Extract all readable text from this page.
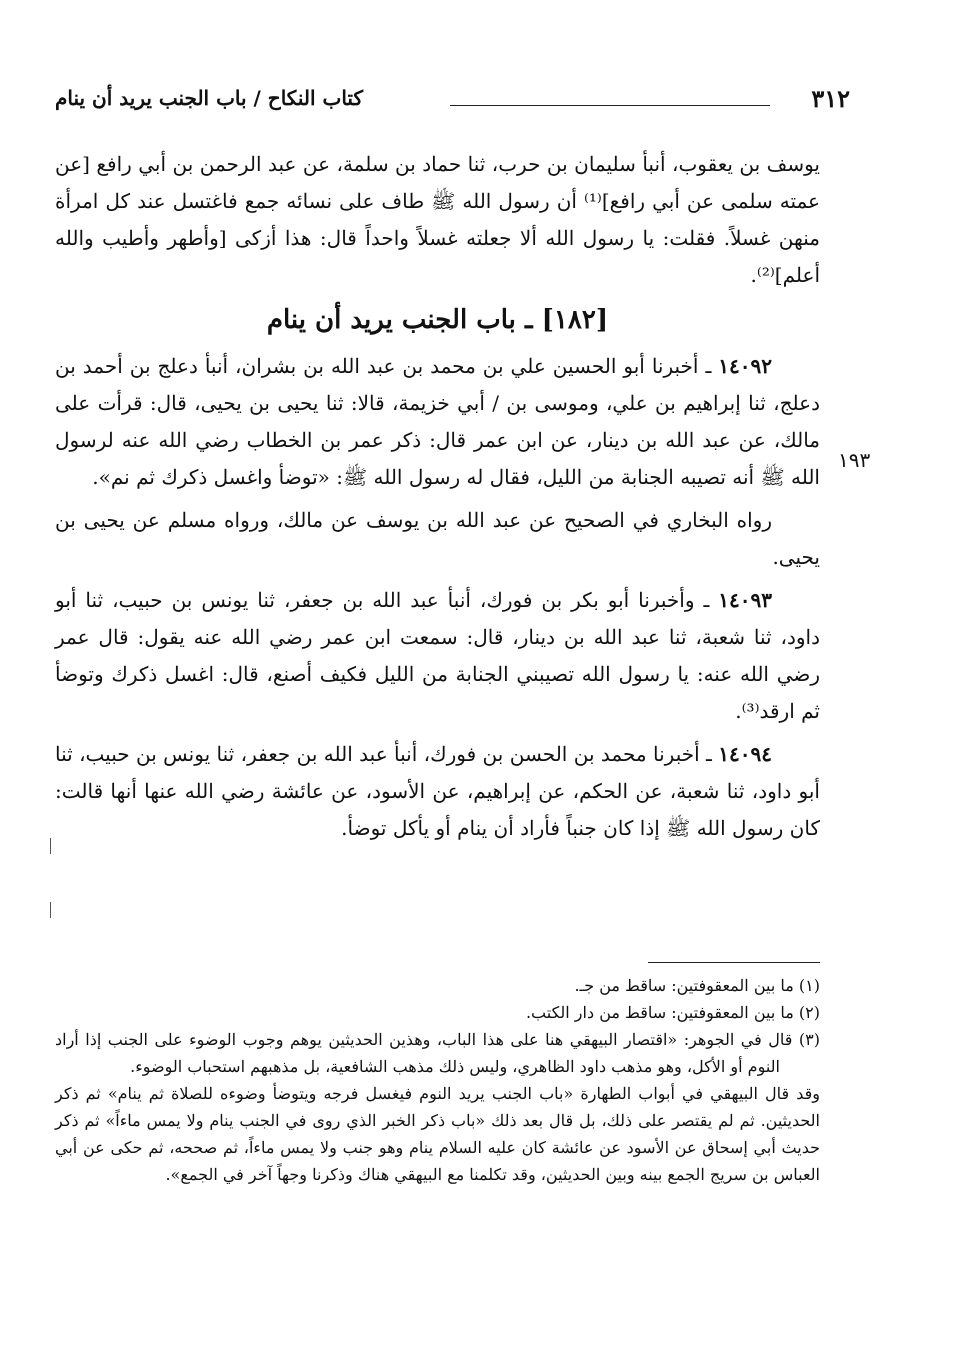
٣١٢
كتاب النكاح / باب الجنب يريد أن ينام
١٩٣

يوسف بن يعقوب، أنبأ سليمان بن حرب، ثنا حماد بن سلمة، عن عبد الرحمن بن أبي رافع [عن عمته سلمى عن أبي رافع]⁽¹⁾ أن رسول الله ﷺ طاف على نسائه جمع فاغتسل عند كل امرأة منهن غسلاً. فقلت: يا رسول الله ألا جعلته غسلاً واحداً قال: هذا أزكى [وأطهر وأطيب والله أعلم]⁽²⁾.

[١٨٢] ـ باب الجنب يريد أن ينام

١٤٠٩٢ ـ أخبرنا أبو الحسين علي بن محمد بن عبد الله بن بشران، أنبأ دعلج بن أحمد بن دعلج، ثنا إبراهيم بن علي، وموسى بن / أبي خزيمة، قالا: ثنا يحيى بن يحيى، قال: قرأت على مالك، عن عبد الله بن دينار، عن ابن عمر قال: ذكر عمر بن الخطاب رضي الله عنه لرسول الله ﷺ أنه تصيبه الجنابة من الليل، فقال له رسول الله ﷺ: «توضأ واغسل ذكرك ثم نم».

رواه البخاري في الصحيح عن عبد الله بن يوسف عن مالك، ورواه مسلم عن يحيى بن يحيى.

١٤٠٩٣ ـ وأخبرنا أبو بكر بن فورك، أنبأ عبد الله بن جعفر، ثنا يونس بن حبيب، ثنا أبو داود، ثنا شعبة، ثنا عبد الله بن دينار، قال: سمعت ابن عمر رضي الله عنه يقول: قال عمر رضي الله عنه: يا رسول الله تصيبني الجنابة من الليل فكيف أصنع، قال: اغسل ذكرك وتوضأ ثم ارقد⁽³⁾.

١٤٠٩٤ ـ أخبرنا محمد بن الحسن بن فورك، أنبأ عبد الله بن جعفر، ثنا يونس بن حبيب، ثنا أبو داود، ثنا شعبة، عن الحكم، عن إبراهيم، عن الأسود، عن عائشة رضي الله عنها أنها قالت: كان رسول الله ﷺ إذا كان جنباً فأراد أن ينام أو يأكل توضأ.

(١) ما بين المعقوفتين: ساقط من جـ.

(٢) ما بين المعقوفتين: ساقط من دار الكتب.

(٣) قال في الجوهر: «اقتصار البيهقي هنا على هذا الباب، وهذين الحديثين يوهم وجوب الوضوء على الجنب إذا أراد النوم أو الأكل، وهو مذهب داود الظاهري، وليس ذلك مذهب الشافعية، بل مذهبهم استحباب الوضوء.

وقد قال البيهقي في أبواب الطهارة «باب الجنب يريد النوم فيغسل فرجه ويتوضأ وضوءه للصلاة ثم ينام» ثم ذكر الحديثين. ثم لم يقتصر على ذلك، بل قال بعد ذلك «باب ذكر الخبر الذي روى في الجنب ينام ولا يمس ماءاً» ثم ذكر حديث أبي إسحاق عن الأسود عن عائشة كان عليه السلام ينام وهو جنب ولا يمس ماءاً، ثم صححه، ثم حكى عن أبي العباس بن سريج الجمع بينه وبين الحديثين، وقد تكلمنا مع البيهقي هناك وذكرنا وجهاً آخر في الجمع».
